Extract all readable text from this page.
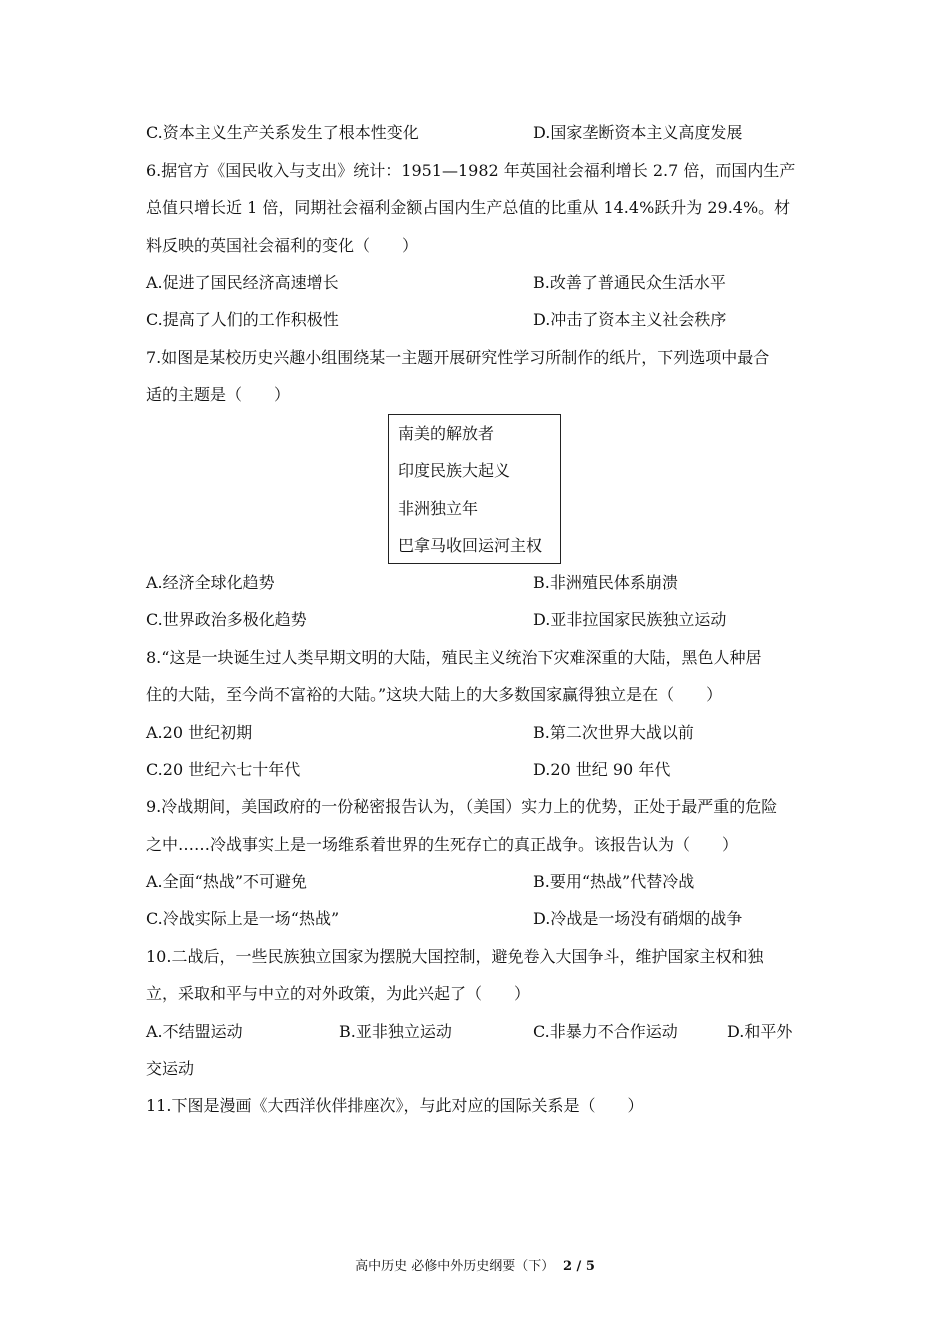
C.资本主义生产关系发生了根本性变化	D.国家垄断资本主义高度发展
6.据官方《国民收入与支出》统计：1951—1982 年英国社会福利增长 2.7 倍，而国内生产
总值只增长近 1 倍，同期社会福利金额占国内生产总值的比重从 14.4%跃升为 29.4%。材
料反映的英国社会福利的变化（　　）
A.促进了国民经济高速增长	B.改善了普通民众生活水平
C.提高了人们的工作积极性	D.冲击了资本主义社会秩序
7.如图是某校历史兴趣小组围绕某一主题开展研究性学习所制作的纸片，下列选项中最合
适的主题是（　　）
南美的解放者
印度民族大起义
非洲独立年
巴拿马收回运河主权
A.经济全球化趋势	B.非洲殖民体系崩溃
C.世界政治多极化趋势	D.亚非拉国家民族独立运动
8.“这是一块诞生过人类早期文明的大陆，殖民主义统治下灾难深重的大陆，黑色人种居
住的大陆，至今尚不富裕的大陆。”这块大陆上的大多数国家赢得独立是在（　　）
A.20 世纪初期	B.第二次世界大战以前
C.20 世纪六七十年代	D.20 世纪 90 年代
9.冷战期间，美国政府的一份秘密报告认为，（美国）实力上的优势，正处于最严重的危险
之中……冷战事实上是一场维系着世界的生死存亡的真正战争。该报告认为（　　）
A.全面“热战”不可避免	B.要用“热战”代替冷战
C.冷战实际上是一场“热战”	D.冷战是一场没有硝烟的战争
10.二战后，一些民族独立国家为摆脱大国控制，避免卷入大国争斗，维护国家主权和独
立，采取和平与中立的对外政策，为此兴起了（　　）
A.不结盟运动	B.亚非独立运动	C.非暴力不合作运动	D.和平外
交运动
11.下图是漫画《大西洋伙伴排座次》，与此对应的国际关系是（　　）
高中历史 必修中外历史纲要（下） 2 / 5
